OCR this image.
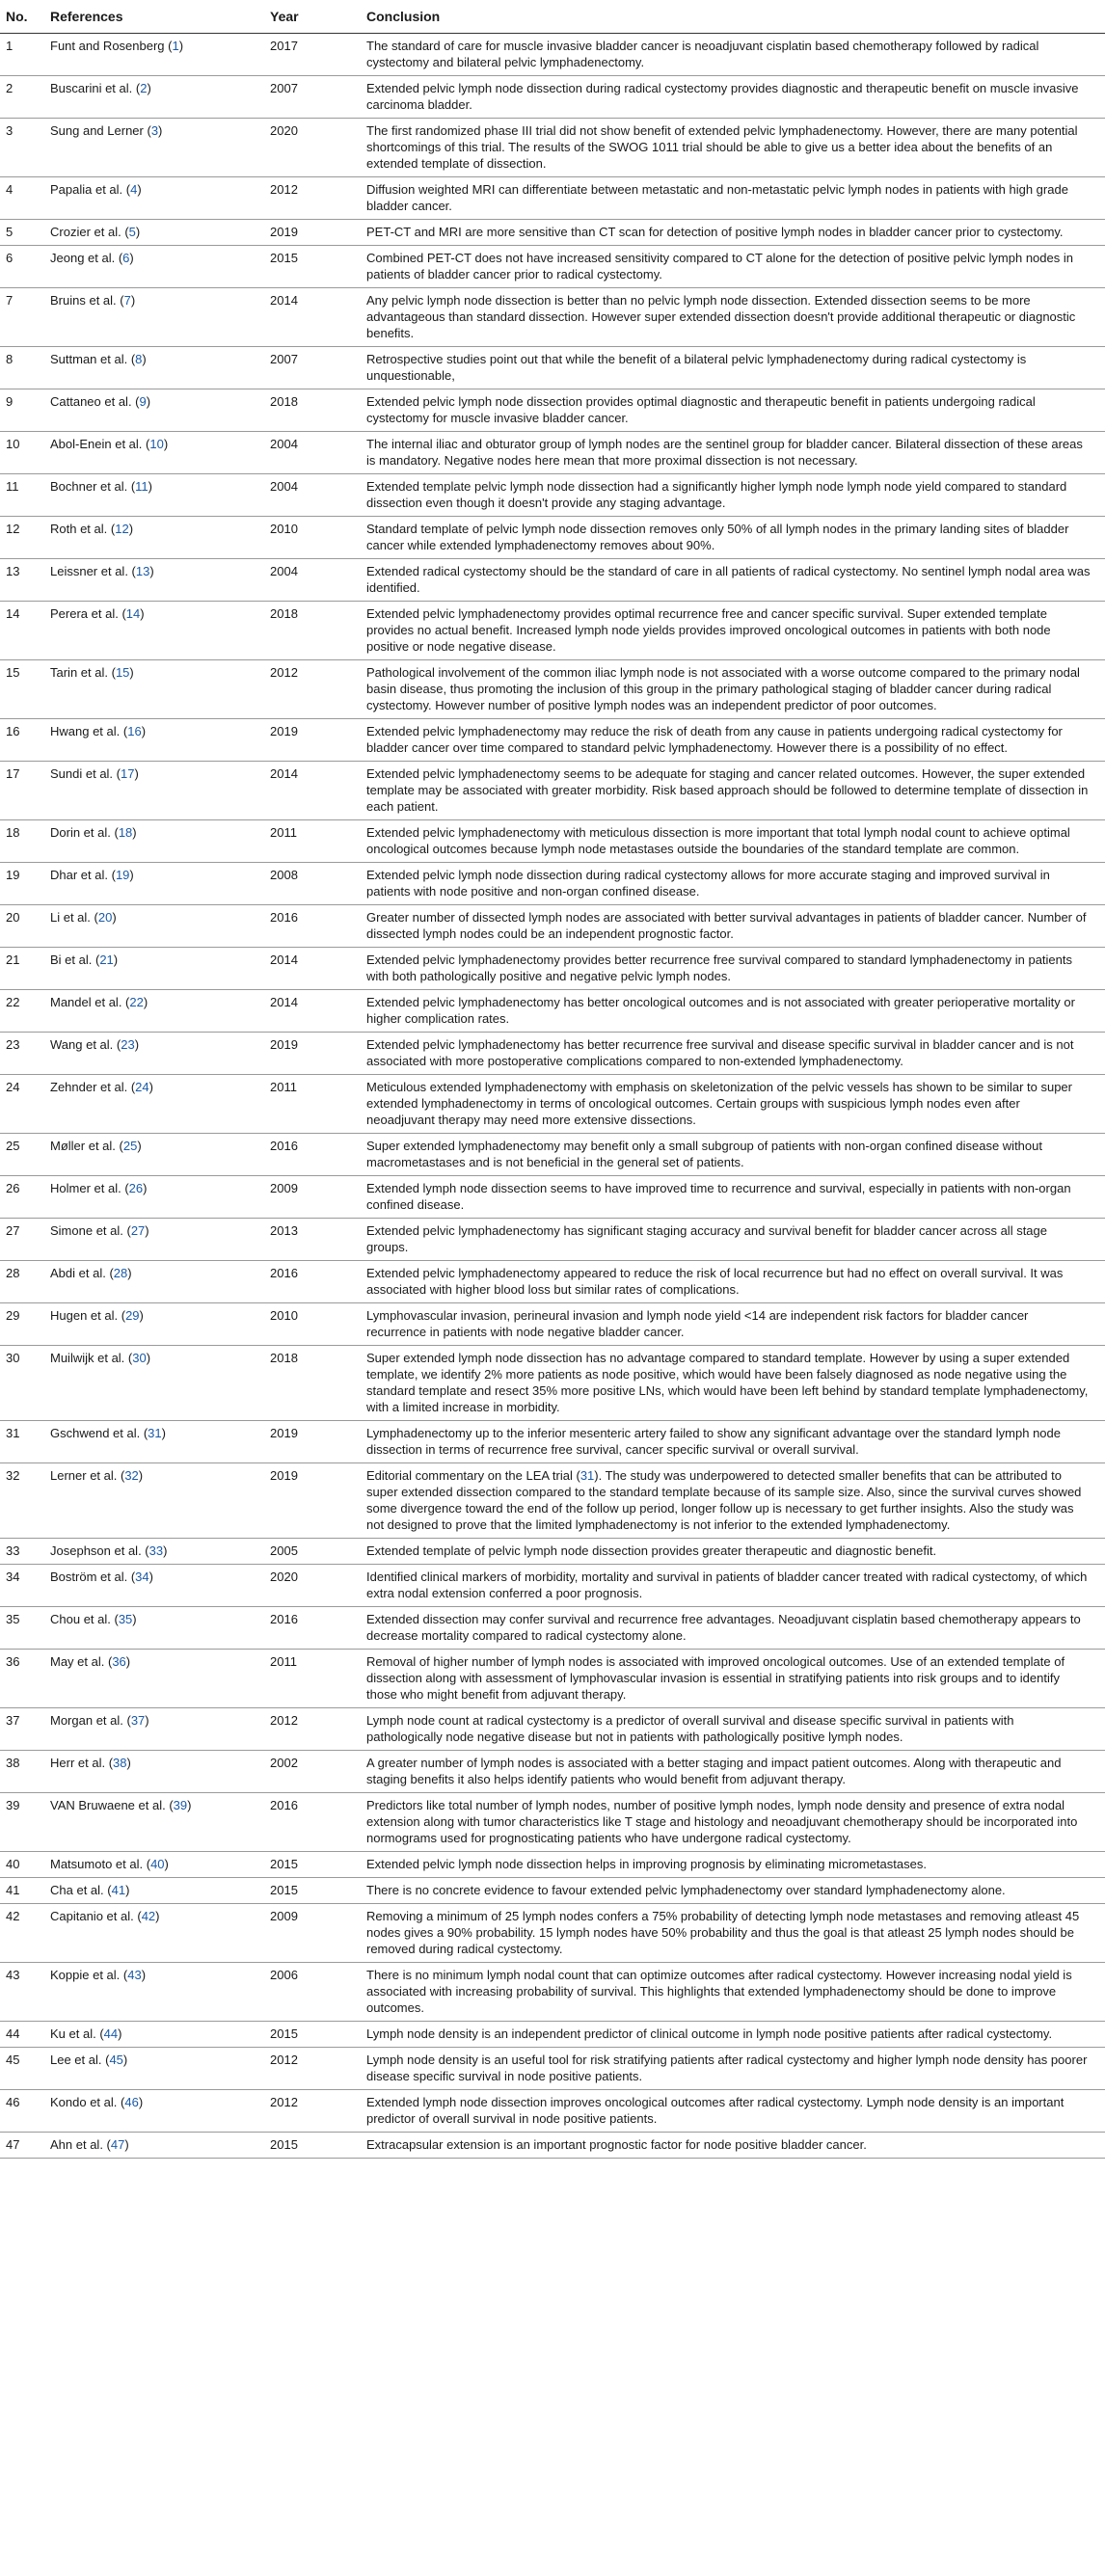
No.	References	Year	Conclusion
1	Funt and Rosenberg (1)	2017	The standard of care for muscle invasive bladder cancer is neoadjuvant cisplatin based chemotherapy followed by radical cystectomy and bilateral pelvic lymphadenectomy.
2	Buscarini et al. (2)	2007	Extended pelvic lymph node dissection during radical cystectomy provides diagnostic and therapeutic benefit on muscle invasive carcinoma bladder.
3	Sung and Lerner (3)	2020	The first randomized phase III trial did not show benefit of extended pelvic lymphadenectomy. However, there are many potential shortcomings of this trial. The results of the SWOG 1011 trial should be able to give us a better idea about the benefits of an extended template of dissection.
4	Papalia et al. (4)	2012	Diffusion weighted MRI can differentiate between metastatic and non-metastatic pelvic lymph nodes in patients with high grade bladder cancer.
5	Crozier et al. (5)	2019	PET-CT and MRI are more sensitive than CT scan for detection of positive lymph nodes in bladder cancer prior to cystectomy.
6	Jeong et al. (6)	2015	Combined PET-CT does not have increased sensitivity compared to CT alone for the detection of positive pelvic lymph nodes in patients of bladder cancer prior to radical cystectomy.
7	Bruins et al. (7)	2014	Any pelvic lymph node dissection is better than no pelvic lymph node dissection. Extended dissection seems to be more advantageous than standard dissection. However super extended dissection doesn't provide additional therapeutic or diagnostic benefits.
8	Suttman et al. (8)	2007	Retrospective studies point out that while the benefit of a bilateral pelvic lymphadenectomy during radical cystectomy is unquestionable,
9	Cattaneo et al. (9)	2018	Extended pelvic lymph node dissection provides optimal diagnostic and therapeutic benefit in patients undergoing radical cystectomy for muscle invasive bladder cancer.
10	Abol-Enein et al. (10)	2004	The internal iliac and obturator group of lymph nodes are the sentinel group for bladder cancer. Bilateral dissection of these areas is mandatory. Negative nodes here mean that more proximal dissection is not necessary.
11	Bochner et al. (11)	2004	Extended template pelvic lymph node dissection had a significantly higher lymph node lymph node yield compared to standard dissection even though it doesn't provide any staging advantage.
12	Roth et al. (12)	2010	Standard template of pelvic lymph node dissection removes only 50% of all lymph nodes in the primary landing sites of bladder cancer while extended lymphadenectomy removes about 90%.
13	Leissner et al. (13)	2004	Extended radical cystectomy should be the standard of care in all patients of radical cystectomy. No sentinel lymph nodal area was identified.
14	Perera et al. (14)	2018	Extended pelvic lymphadenectomy provides optimal recurrence free and cancer specific survival. Super extended template provides no actual benefit. Increased lymph node yields provides improved oncological outcomes in patients with both node positive or node negative disease.
15	Tarin et al. (15)	2012	Pathological involvement of the common iliac lymph node is not associated with a worse outcome compared to the primary nodal basin disease, thus promoting the inclusion of this group in the primary pathological staging of bladder cancer during radical cystectomy. However number of positive lymph nodes was an independent predictor of poor outcomes.
16	Hwang et al. (16)	2019	Extended pelvic lymphadenectomy may reduce the risk of death from any cause in patients undergoing radical cystectomy for bladder cancer over time compared to standard pelvic lymphadenectomy. However there is a possibility of no effect.
17	Sundi et al. (17)	2014	Extended pelvic lymphadenectomy seems to be adequate for staging and cancer related outcomes. However, the super extended template may be associated with greater morbidity. Risk based approach should be followed to determine template of dissection in each patient.
18	Dorin et al. (18)	2011	Extended pelvic lymphadenectomy with meticulous dissection is more important that total lymph nodal count to achieve optimal oncological outcomes because lymph node metastases outside the boundaries of the standard template are common.
19	Dhar et al. (19)	2008	Extended pelvic lymph node dissection during radical cystectomy allows for more accurate staging and improved survival in patients with node positive and non-organ confined disease.
20	Li et al. (20)	2016	Greater number of dissected lymph nodes are associated with better survival advantages in patients of bladder cancer. Number of dissected lymph nodes could be an independent prognostic factor.
21	Bi et al. (21)	2014	Extended pelvic lymphadenectomy provides better recurrence free survival compared to standard lymphadenectomy in patients with both pathologically positive and negative pelvic lymph nodes.
22	Mandel et al. (22)	2014	Extended pelvic lymphadenectomy has better oncological outcomes and is not associated with greater perioperative mortality or higher complication rates.
23	Wang et al. (23)	2019	Extended pelvic lymphadenectomy has better recurrence free survival and disease specific survival in bladder cancer and is not associated with more postoperative complications compared to non-extended lymphadenectomy.
24	Zehnder et al. (24)	2011	Meticulous extended lymphadenectomy with emphasis on skeletonization of the pelvic vessels has shown to be similar to super extended lymphadenectomy in terms of oncological outcomes. Certain groups with suspicious lymph nodes even after neoadjuvant therapy may need more extensive dissections.
25	Møller et al. (25)	2016	Super extended lymphadenectomy may benefit only a small subgroup of patients with non-organ confined disease without macrometastases and is not beneficial in the general set of patients.
26	Holmer et al. (26)	2009	Extended lymph node dissection seems to have improved time to recurrence and survival, especially in patients with non-organ confined disease.
27	Simone et al. (27)	2013	Extended pelvic lymphadenectomy has significant staging accuracy and survival benefit for bladder cancer across all stage groups.
28	Abdi et al. (28)	2016	Extended pelvic lymphadenectomy appeared to reduce the risk of local recurrence but had no effect on overall survival. It was associated with higher blood loss but similar rates of complications.
29	Hugen et al. (29)	2010	Lymphovascular invasion, perineural invasion and lymph node yield <14 are independent risk factors for bladder cancer recurrence in patients with node negative bladder cancer.
30	Muilwijk et al. (30)	2018	Super extended lymph node dissection has no advantage compared to standard template. However by using a super extended template, we identify 2% more patients as node positive, which would have been falsely diagnosed as node negative using the standard template and resect 35% more positive LNs, which would have been left behind by standard template lymphadenectomy, with a limited increase in morbidity.
31	Gschwend et al. (31)	2019	Lymphadenectomy up to the inferior mesenteric artery failed to show any significant advantage over the standard lymph node dissection in terms of recurrence free survival, cancer specific survival or overall survival.
32	Lerner et al. (32)	2019	Editorial commentary on the LEA trial (31). The study was underpowered to detected smaller benefits that can be attributed to super extended dissection compared to the standard template because of its sample size. Also, since the survival curves showed some divergence toward the end of the follow up period, longer follow up is necessary to get further insights. Also the study was not designed to prove that the limited lymphadenectomy is not inferior to the extended lymphadenectomy.
33	Josephson et al. (33)	2005	Extended template of pelvic lymph node dissection provides greater therapeutic and diagnostic benefit.
34	Boström et al. (34)	2020	Identified clinical markers of morbidity, mortality and survival in patients of bladder cancer treated with radical cystectomy, of which extra nodal extension conferred a poor prognosis.
35	Chou et al. (35)	2016	Extended dissection may confer survival and recurrence free advantages. Neoadjuvant cisplatin based chemotherapy appears to decrease mortality compared to radical cystectomy alone.
36	May et al. (36)	2011	Removal of higher number of lymph nodes is associated with improved oncological outcomes. Use of an extended template of dissection along with assessment of lymphovascular invasion is essential in stratifying patients into risk groups and to identify those who might benefit from adjuvant therapy.
37	Morgan et al. (37)	2012	Lymph node count at radical cystectomy is a predictor of overall survival and disease specific survival in patients with pathologically node negative disease but not in patients with pathologically positive lymph nodes.
38	Herr et al. (38)	2002	A greater number of lymph nodes is associated with a better staging and impact patient outcomes. Along with therapeutic and staging benefits it also helps identify patients who would benefit from adjuvant therapy.
39	VAN Bruwaene et al. (39)	2016	Predictors like total number of lymph nodes, number of positive lymph nodes, lymph node density and presence of extra nodal extension along with tumor characteristics like T stage and histology and neoadjuvant chemotherapy should be incorporated into normograms used for prognosticating patients who have undergone radical cystectomy.
40	Matsumoto et al. (40)	2015	Extended pelvic lymph node dissection helps in improving prognosis by eliminating micrometastases.
41	Cha et al. (41)	2015	There is no concrete evidence to favour extended pelvic lymphadenectomy over standard lymphadenectomy alone.
42	Capitanio et al. (42)	2009	Removing a minimum of 25 lymph nodes confers a 75% probability of detecting lymph node metastases and removing atleast 45 nodes gives a 90% probability. 15 lymph nodes have 50% probability and thus the goal is that atleast 25 lymph nodes should be removed during radical cystectomy.
43	Koppie et al. (43)	2006	There is no minimum lymph nodal count that can optimize outcomes after radical cystectomy. However increasing nodal yield is associated with increasing probability of survival. This highlights that extended lymphadenectomy should be done to improve outcomes.
44	Ku et al. (44)	2015	Lymph node density is an independent predictor of clinical outcome in lymph node positive patients after radical cystectomy.
45	Lee et al. (45)	2012	Lymph node density is an useful tool for risk stratifying patients after radical cystectomy and higher lymph node density has poorer disease specific survival in node positive patients.
46	Kondo et al. (46)	2012	Extended lymph node dissection improves oncological outcomes after radical cystectomy. Lymph node density is an important predictor of overall survival in node positive patients.
47	Ahn et al. (47)	2015	Extracapsular extension is an important prognostic factor for node positive bladder cancer.
